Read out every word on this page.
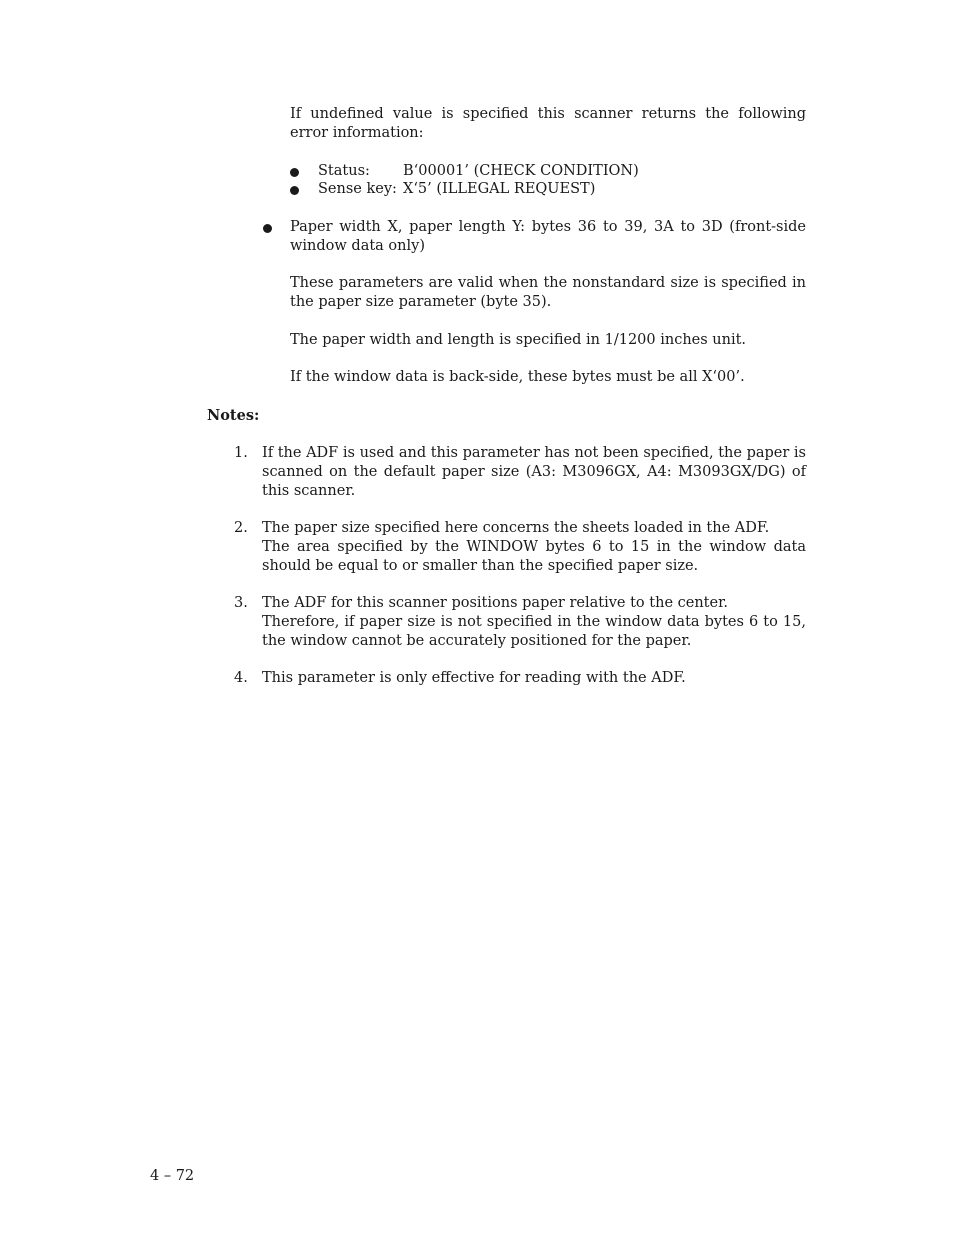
If undefined value is specified this scanner returns the following error information:

Status: B‘00001’ (CHECK CONDITION)
Sense key: X‘5’ (ILLEGAL REQUEST)

Paper width X, paper length Y: bytes 36 to 39, 3A to 3D (front-side window data only)

These parameters are valid when the nonstandard size is specified in the paper size parameter (byte 35).

The paper width and length is specified in 1/1200 inches unit.

If the window data is back-side, these bytes must be all X‘00’.

Notes:
1. If the ADF is used and this parameter has not been specified, the paper is scanned on the default paper size (A3: M3096GX, A4: M3093GX/DG) of this scanner.

2. The paper size specified here concerns the sheets loaded in the ADF.
The area specified by the WINDOW bytes 6 to 15 in the window data should be equal to or smaller than the specified paper size.

3. The ADF for this scanner positions paper relative to the center.
Therefore, if paper size is not specified in the window data bytes 6 to 15, the window cannot be accurately positioned for the paper.

4. This parameter is only effective for reading with the ADF.

4 – 72
